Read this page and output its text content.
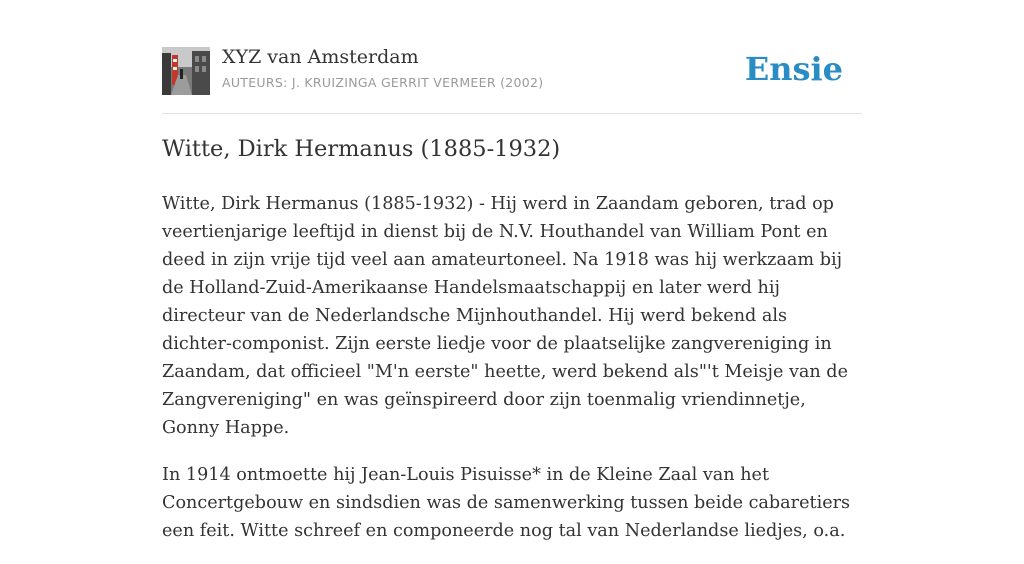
XYZ van Amsterdam
AUTEURS: J. KRUIZINGA GERRIT VERMEER (2002)	Ensie
Witte, Dirk Hermanus (1885-1932)

Witte, Dirk Hermanus (1885-1932) - Hij werd in Zaandam geboren, trad op veertienjarige leeftijd in dienst bij de N.V. Houthandel van William Pont en deed in zijn vrije tijd veel aan amateurtoneel. Na 1918 was hij werkzaam bij de Holland-Zuid-Amerikaanse Handelsmaatschappij en later werd hij directeur van de Nederlandsche Mijnhouthandel. Hij werd bekend als dichter-componist. Zijn eerste liedje voor de plaatselijke zangvereniging in Zaandam, dat officieel "M'n eerste" heette, werd bekend als"'t Meisje van de Zangvereniging" en was geïnspireerd door zijn toenmalig vriendinnetje, Gonny Happe.

In 1914 ontmoette hij Jean-Louis Pisuisse* in de Kleine Zaal van het Concertgebouw en sindsdien was de samenwerking tussen beide cabaretiers een feit. Witte schreef en componeerde nog tal van Nederlandse liedjes, o.a.
